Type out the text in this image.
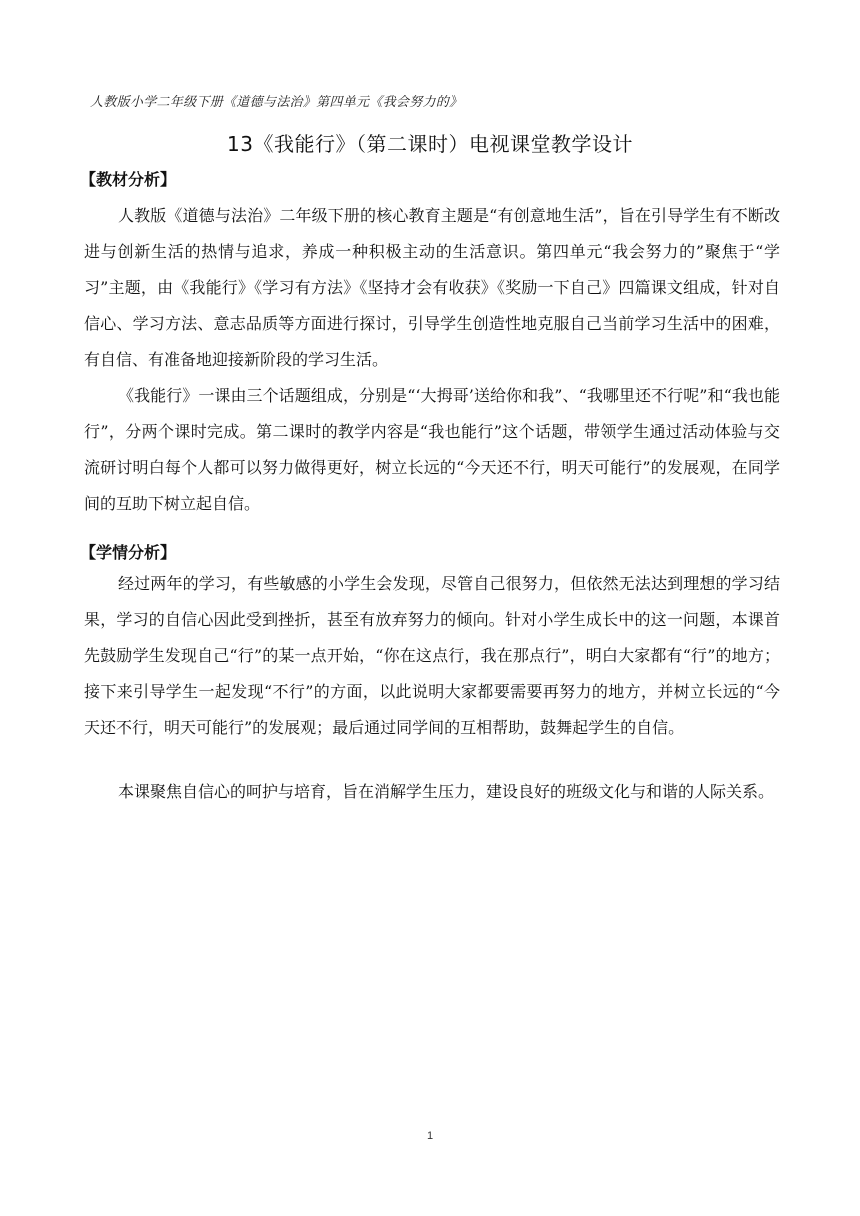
人教版小学二年级下册《道德与法治》第四单元《我会努力的》
13《我能行》（第二课时）电视课堂教学设计
【教材分析】

人教版《道德与法治》二年级下册的核心教育主题是“有创意地生活”，旨在引导学生有不断改进与创新生活的热情与追求，养成一种积极主动的生活意识。第四单元“我会努力的”聚焦于“学习”主题，由《我能行》《学习有方法》《坚持才会有收获》《奖励一下自己》四篇课文组成，针对自信心、学习方法、意志品质等方面进行探讨，引导学生创造性地克服自己当前学习生活中的困难，有自信、有准备地迎接新阶段的学习生活。

《我能行》一课由三个话题组成，分别是“‘大拇哥’送给你和我”、“我哪里还不行呢”和“我也能行”，分两个课时完成。第二课时的教学内容是“我也能行”这个话题，带领学生通过活动体验与交流研讨明白每个人都可以努力做得更好，树立长远的“今天还不行，明天可能行”的发展观，在同学间的互助下树立起自信。

【学情分析】

经过两年的学习，有些敏感的小学生会发现，尽管自己很努力，但依然无法达到理想的学习结果，学习的自信心因此受到挫折，甚至有放弃努力的倾向。针对小学生成长中的这一问题，本课首先鼓励学生发现自己“行”的某一点开始，“你在这点行，我在那点行”，明白大家都有“行”的地方；接下来引导学生一起发现“不行”的方面，以此说明大家都要需要再努力的地方，并树立长远的“今天还不行，明天可能行”的发展观；最后通过同学间的互相帮助，鼓舞起学生的自信。

本课聚焦自信心的呵护与培育，旨在消解学生压力，建设良好的班级文化与和谐的人际关系。

1
